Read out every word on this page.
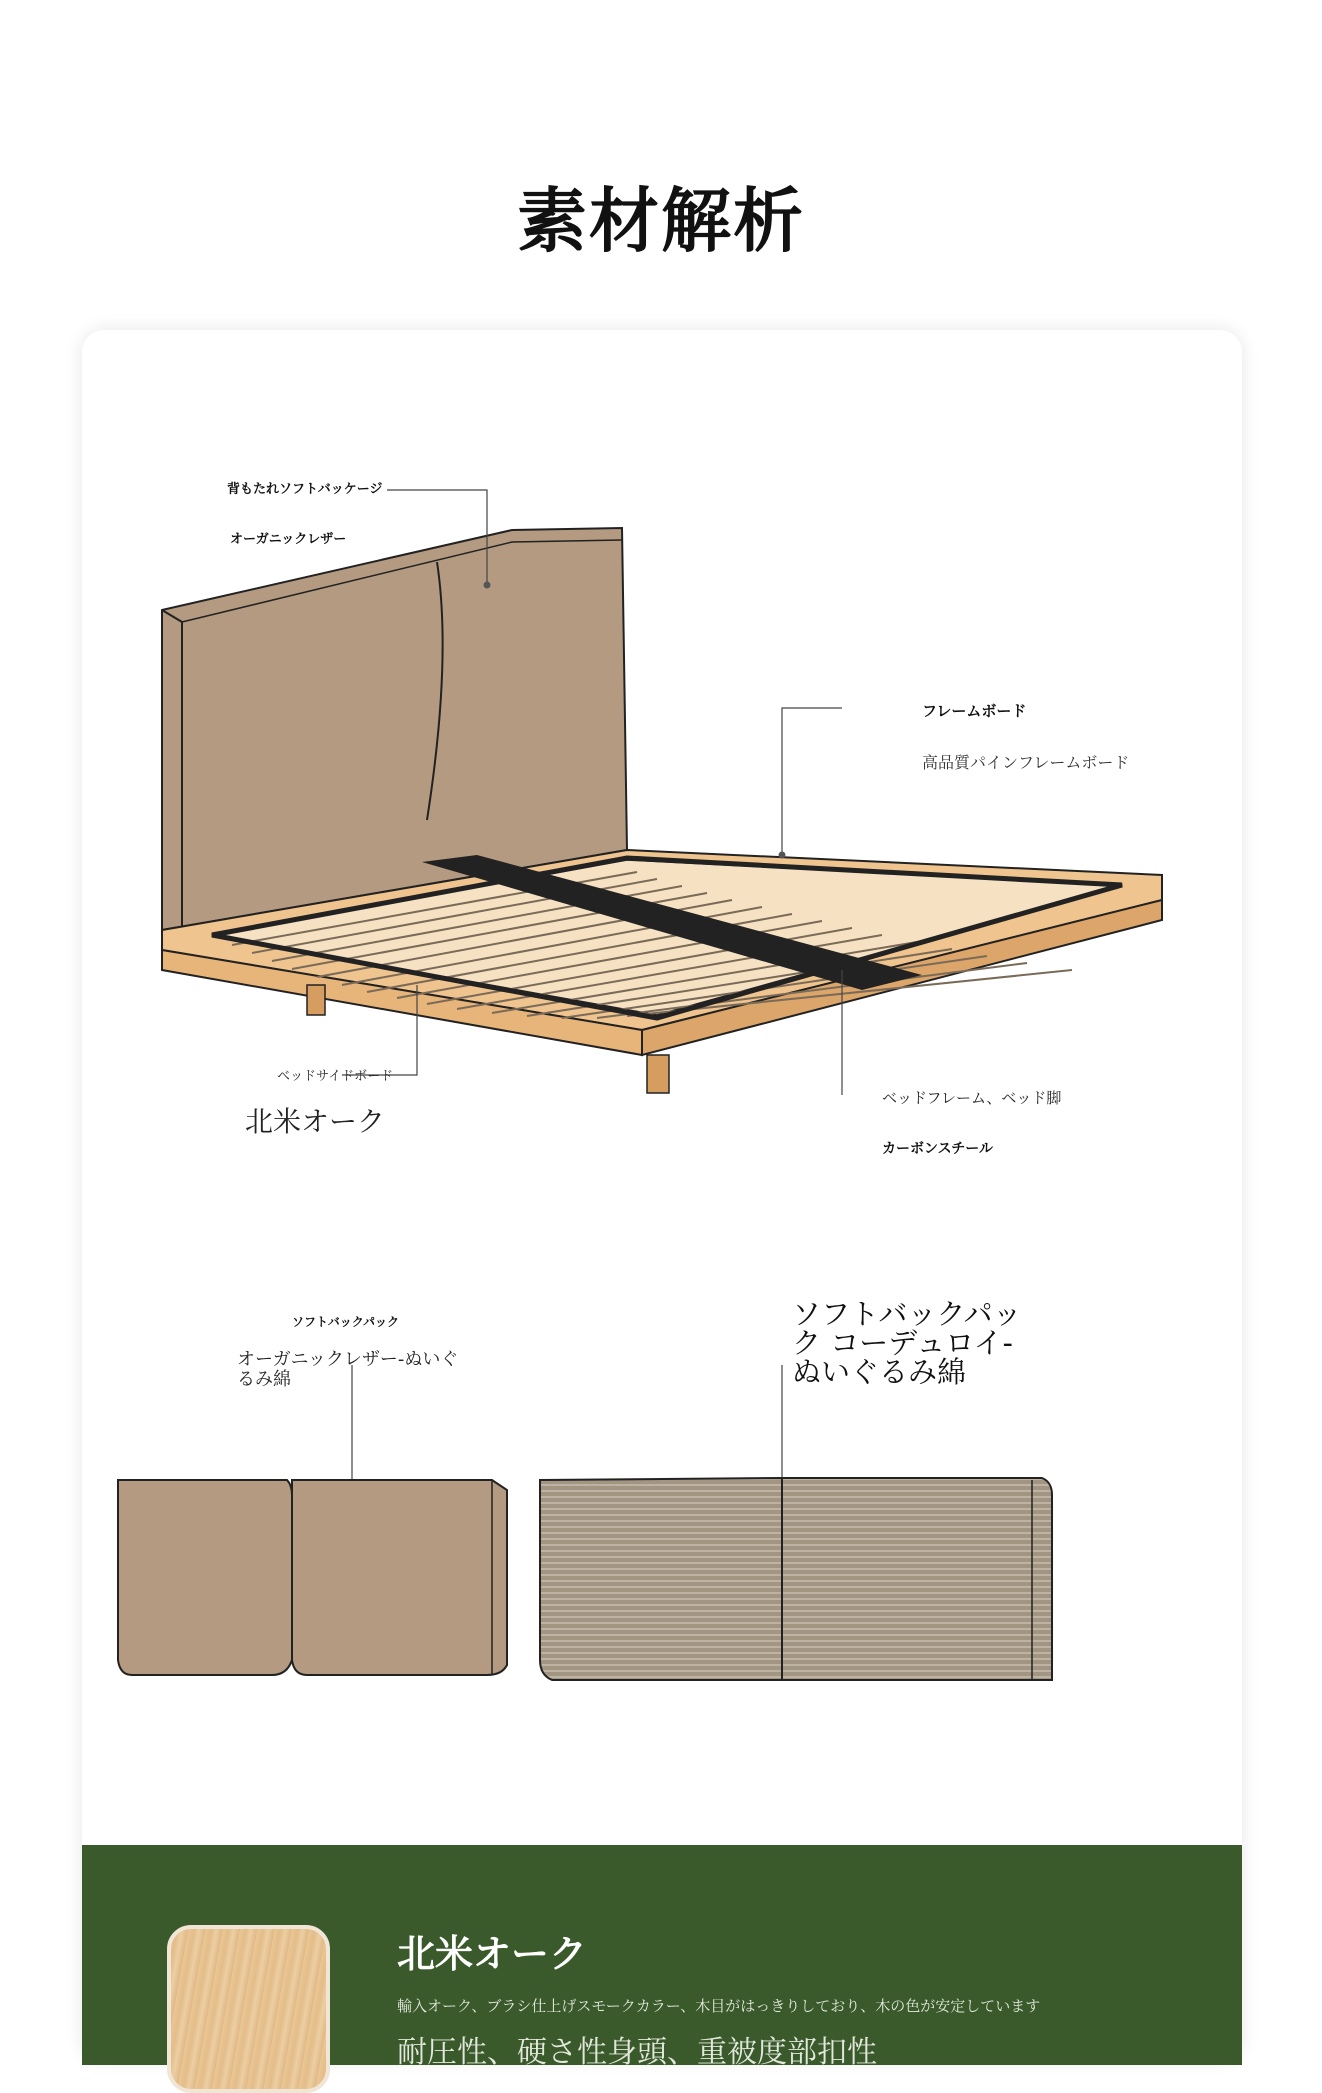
素材解析
背もたれソフトバッケージ
オーガニックレザー
フレームボード
高品質パインフレームボード
ベッドサイドボード
北米オーク
ベッドフレーム、ベッド脚
カーボンスチール
ソフトバックパック
オーガニックレザー-ぬいぐるみ綿
ソフトバックパック コーデュロイ-ぬいぐるみ綿
北米オーク
輸入オーク、ブラシ仕上げスモークカラー、木目がはっきりしており、木の色が安定しています
耐圧性、硬さ性身頭、重被度部扣性
